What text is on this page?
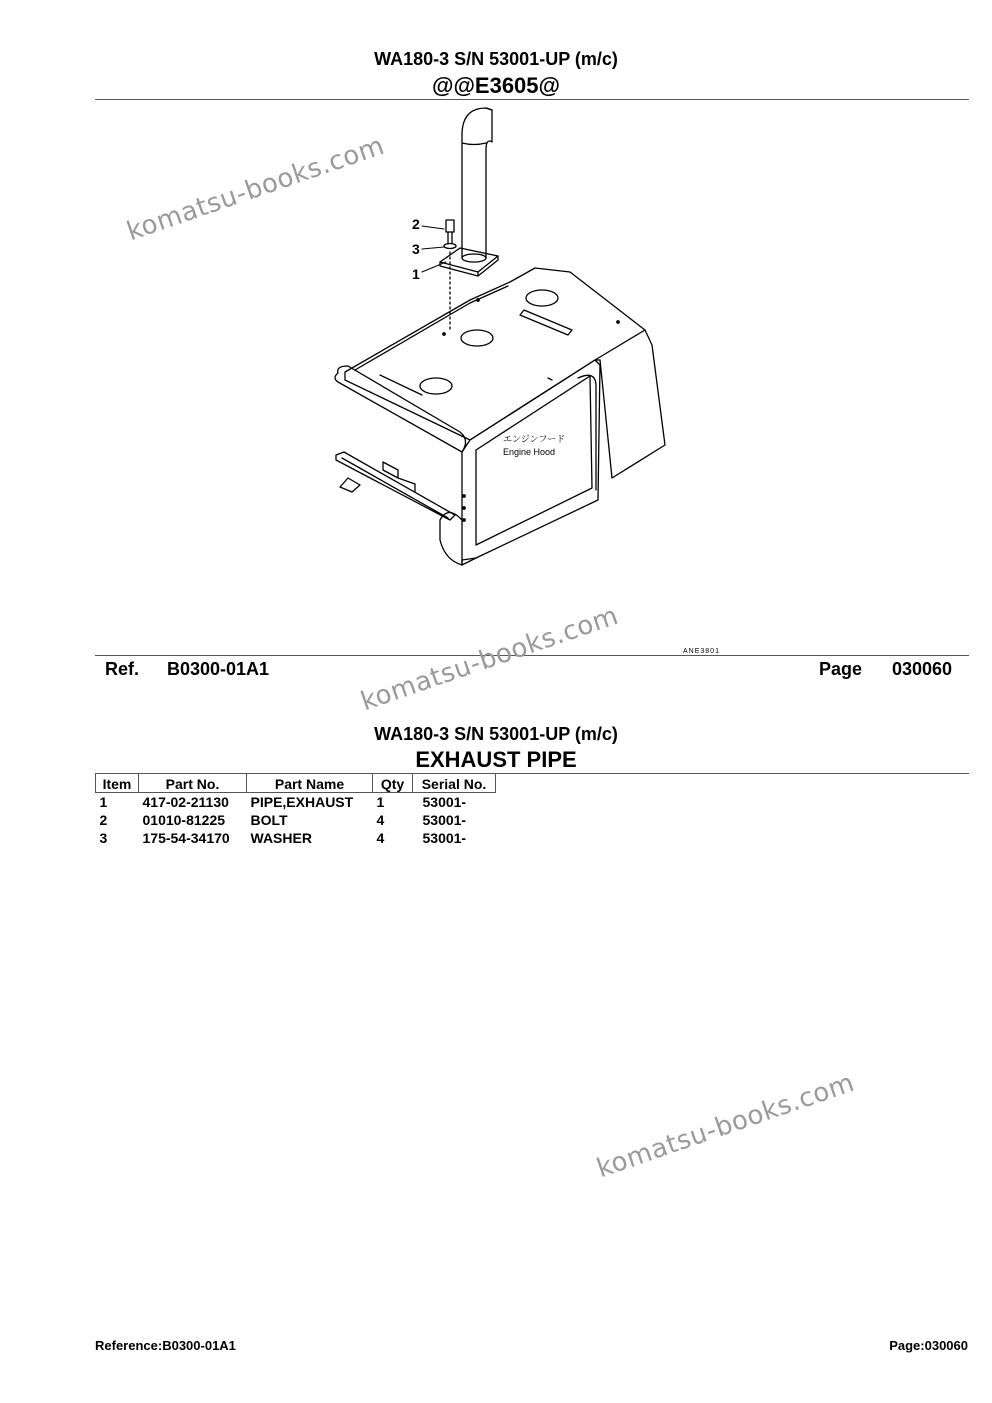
WA180-3 S/N 53001-UP (m/c)
@@E3605@
エンジンフード
Engine Hood
2
3
1
ANE3801
Ref. B0300-01A1	Page 030060
WA180-3 S/N 53001-UP (m/c)
EXHAUST PIPE
Item	Part No.	Part Name	Qty	Serial No.
1	417-02-21130	PIPE,EXHAUST	1	53001-
2	01010-81225	BOLT	4	53001-
3	175-54-34170	WASHER	4	53001-
komatsu-books.com
komatsu-books.com
komatsu-books.com
Reference:B0300-01A1	Page:030060
